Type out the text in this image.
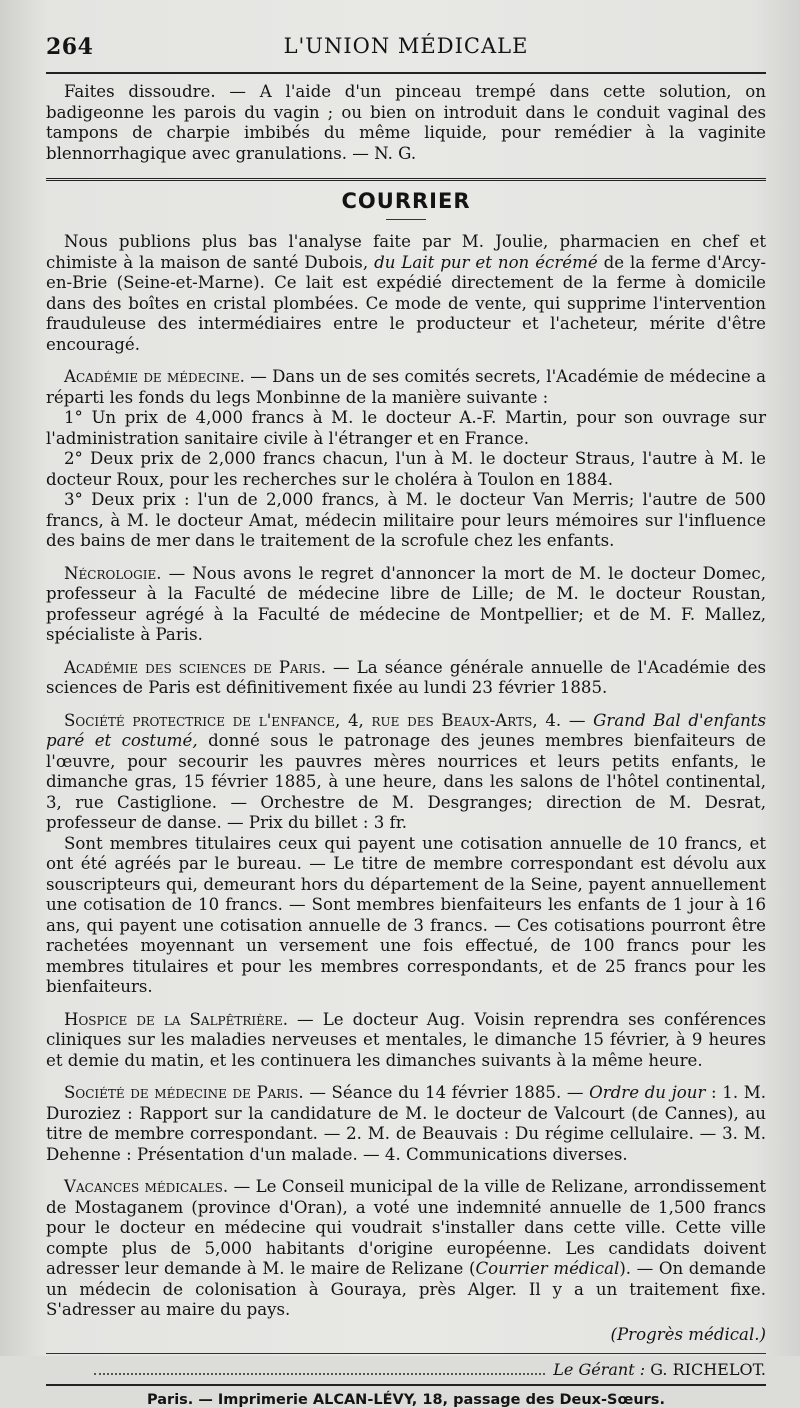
264	L'UNION MÉDICALE

Faites dissoudre. — A l'aide d'un pinceau trempé dans cette solution, on badigeonne les parois du vagin ; ou bien on introduit dans le conduit vaginal des tampons de charpie imbibés du même liquide, pour remédier à la vaginite blennorrhagique avec granulations. — N. G.

COURRIER

Nous publions plus bas l'analyse faite par M. Joulie, pharmacien en chef et chimiste à la maison de santé Dubois, du Lait pur et non écrémé de la ferme d'Arcy-en-Brie (Seine-et-Marne). Ce lait est expédié directement de la ferme à domicile dans des boîtes en cristal plombées. Ce mode de vente, qui supprime l'intervention frauduleuse des intermédiaires entre le producteur et l'acheteur, mérite d'être encouragé.

Académie de médecine. — Dans un de ses comités secrets, l'Académie de médecine a réparti les fonds du legs Monbinne de la manière suivante :

1° Un prix de 4,000 francs à M. le docteur A.-F. Martin, pour son ouvrage sur l'administration sanitaire civile à l'étranger et en France.

2° Deux prix de 2,000 francs chacun, l'un à M. le docteur Straus, l'autre à M. le docteur Roux, pour les recherches sur le choléra à Toulon en 1884.

3° Deux prix : l'un de 2,000 francs, à M. le docteur Van Merris; l'autre de 500 francs, à M. le docteur Amat, médecin militaire pour leurs mémoires sur l'influence des bains de mer dans le traitement de la scrofule chez les enfants.

Nécrologie. — Nous avons le regret d'annoncer la mort de M. le docteur Domec, professeur à la Faculté de médecine libre de Lille; de M. le docteur Roustan, professeur agrégé à la Faculté de médecine de Montpellier; et de M. F. Mallez, spécialiste à Paris.

Académie des sciences de Paris. — La séance générale annuelle de l'Académie des sciences de Paris est définitivement fixée au lundi 23 février 1885.

Société protectrice de l'enfance, 4, rue des Beaux-Arts, 4. — Grand Bal d'enfants paré et costumé, donné sous le patronage des jeunes membres bienfaiteurs de l'œuvre, pour secourir les pauvres mères nourrices et leurs petits enfants, le dimanche gras, 15 février 1885, à une heure, dans les salons de l'hôtel continental, 3, rue Castiglione. — Orchestre de M. Desgranges; direction de M. Desrat, professeur de danse. — Prix du billet : 3 fr.

Sont membres titulaires ceux qui payent une cotisation annuelle de 10 francs, et ont été agréés par le bureau. — Le titre de membre correspondant est dévolu aux souscripteurs qui, demeurant hors du département de la Seine, payent annuellement une cotisation de 10 francs. — Sont membres bienfaiteurs les enfants de 1 jour à 16 ans, qui payent une cotisation annuelle de 3 francs. — Ces cotisations pourront être rachetées moyennant un versement une fois effectué, de 100 francs pour les membres titulaires et pour les membres correspondants, et de 25 francs pour les bienfaiteurs.

Hospice de la Salpêtrière. — Le docteur Aug. Voisin reprendra ses conférences cliniques sur les maladies nerveuses et mentales, le dimanche 15 février, à 9 heures et demie du matin, et les continuera les dimanches suivants à la même heure.

Société de médecine de Paris. — Séance du 14 février 1885. — Ordre du jour : 1. M. Duroziez : Rapport sur la candidature de M. le docteur de Valcourt (de Cannes), au titre de membre correspondant. — 2. M. de Beauvais : Du régime cellulaire. — 3. M. Dehenne : Présentation d'un malade. — 4. Communications diverses.

Vacances médicales. — Le Conseil municipal de la ville de Relizane, arrondissement de Mostaganem (province d'Oran), a voté une indemnité annuelle de 1,500 francs pour le docteur en médecine qui voudrait s'installer dans cette ville. Cette ville compte plus de 5,000 habitants d'origine européenne. Les candidats doivent adresser leur demande à M. le maire de Relizane (Courrier médical). — On demande un médecin de colonisation à Gouraya, près Alger. Il y a un traitement fixe. S'adresser au maire du pays.

(Progrès médical.)

Le Gérant : G. RICHELOT.
Paris. — Imprimerie ALCAN-LÉVY, 18, passage des Deux-Sœurs.
